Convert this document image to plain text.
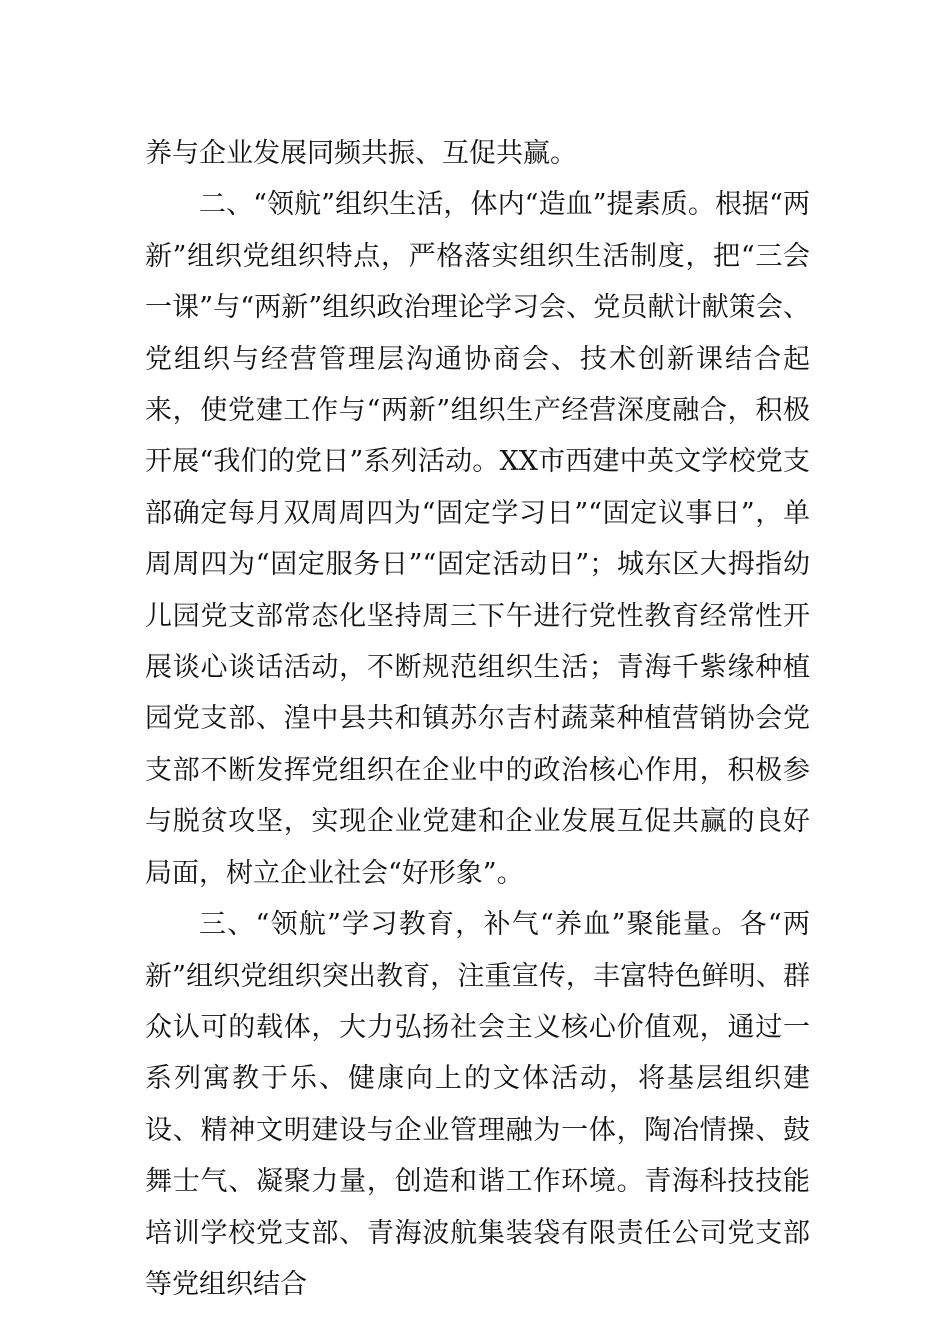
养与企业发展同频共振、互促共赢。

二、“领航”组织生活，体内“造血”提素质。根据“两新”组织党组织特点，严格落实组织生活制度，把“三会一课”与“两新”组织政治理论学习会、党员献计献策会、党组织与经营管理层沟通协商会、技术创新课结合起来，使党建工作与“两新”组织生产经营深度融合，积极开展“我们的党日”系列活动。XX市西建中英文学校党支部确定每月双周周四为“固定学习日”“固定议事日”，单周周四为“固定服务日”“固定活动日”；城东区大拇指幼儿园党支部常态化坚持周三下午进行党性教育经常性开展谈心谈话活动，不断规范组织生活；青海千紫缘种植园党支部、湟中县共和镇苏尔吉村蔬菜种植营销协会党支部不断发挥党组织在企业中的政治核心作用，积极参与脱贫攻坚，实现企业党建和企业发展互促共赢的良好局面，树立企业社会“好形象”。

三、“领航”学习教育，补气“养血”聚能量。各“两新”组织党组织突出教育，注重宣传，丰富特色鲜明、群众认可的载体，大力弘扬社会主义核心价值观，通过一系列寓教于乐、健康向上的文体活动，将基层组织建设、精神文明建设与企业管理融为一体，陶冶情操、鼓舞士气、凝聚力量，创造和谐工作环境。青海科技技能培训学校党支部、青海波航集装袋有限责任公司党支部等党组织结合
